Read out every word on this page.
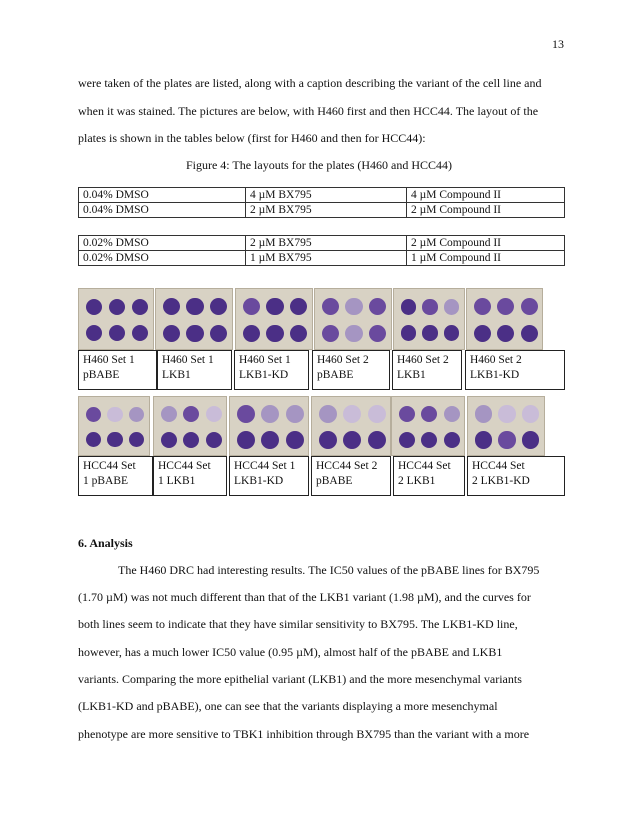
13
were taken of the plates are listed, along with a caption describing the variant of the cell line and
when it was stained. The pictures are below, with H460 first and then HCC44. The layout of the
plates is shown in the tables below (first for H460 and then for HCC44):
Figure 4: The layouts for the plates (H460 and HCC44)
0.04% DMSO	4 µM BX795	4 µM Compound II
0.04% DMSO	2 µM BX795	2 µM Compound II
0.02% DMSO	2 µM BX795	2 µM Compound II
0.02% DMSO	1 µM BX795	1 µM Compound II
H460 Set 1
pBABE
H460 Set 1
LKB1
H460 Set 1
LKB1-KD
H460 Set 2
pBABE
H460 Set 2
LKB1
H460 Set 2
LKB1-KD
HCC44 Set
1 pBABE
HCC44 Set
1 LKB1
HCC44 Set 1
LKB1-KD
HCC44 Set 2
pBABE
HCC44 Set
2 LKB1
HCC44 Set
2 LKB1-KD
6. Analysis
The H460 DRC had interesting results. The IC50 values of the pBABE lines for BX795
(1.70 µM) was not much different than that of the LKB1 variant (1.98 µM), and the curves for
both lines seem to indicate that they have similar sensitivity to BX795. The LKB1-KD line,
however, has a much lower IC50 value (0.95 µM), almost half of the pBABE and LKB1
variants. Comparing the more epithelial variant (LKB1) and the more mesenchymal variants
(LKB1-KD and pBABE), one can see that the variants displaying a more mesenchymal
phenotype are more sensitive to TBK1 inhibition through BX795 than the variant with a more
